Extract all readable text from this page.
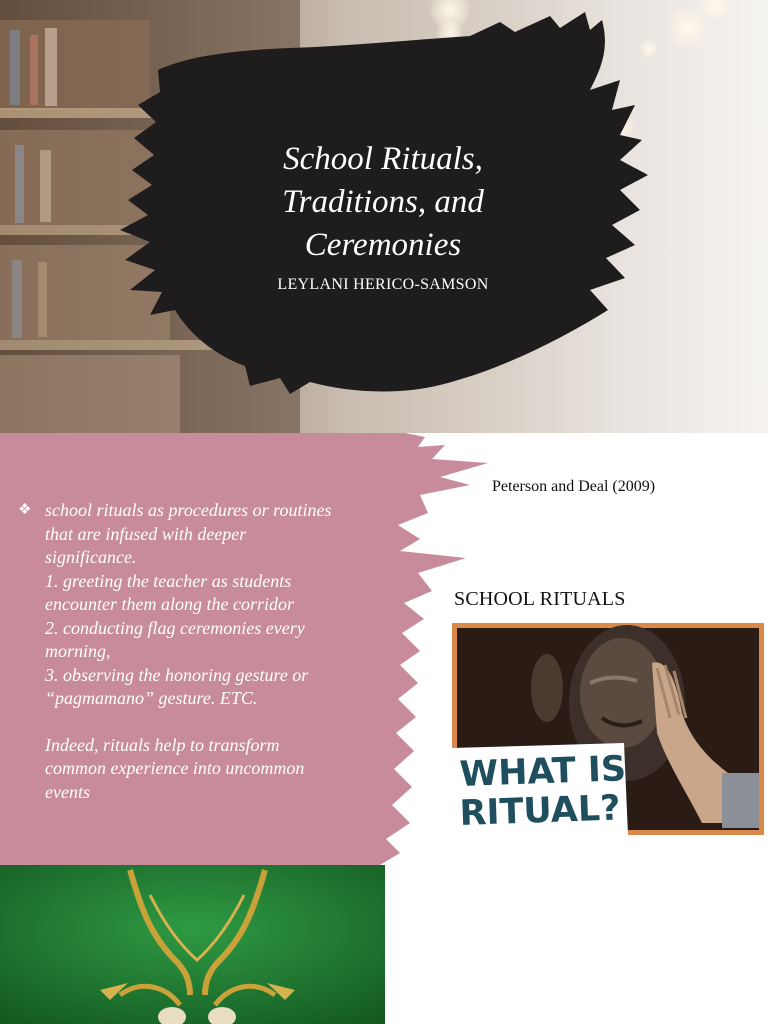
School Rituals,
Traditions, and
Ceremonies
LEYLANI HERICO-SAMSON
❖ school rituals as procedures or routines
that are infused with deeper
significance.
1. greeting the teacher as students
encounter them along the corridor
2. conducting flag ceremonies every
morning,
3. observing the honoring gesture or
“pagmamano” gesture. ETC.
Indeed, rituals help to transform
common experience into uncommon
events
Peterson and Deal (2009)
SCHOOL RITUALS
WHAT IS
RITUAL?
